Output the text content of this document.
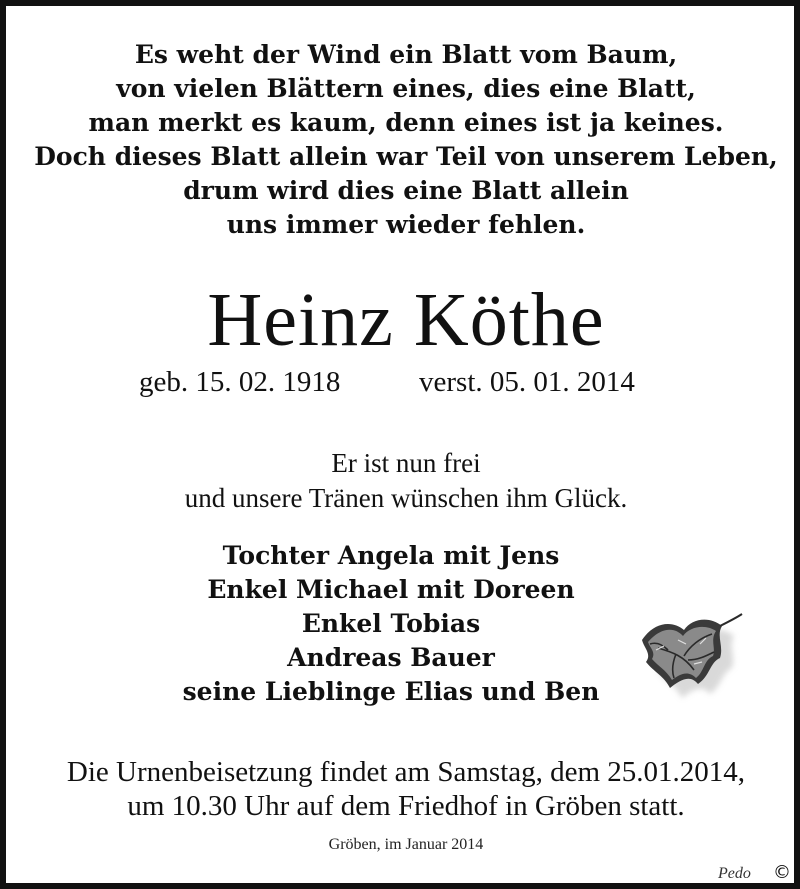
Es weht der Wind ein Blatt vom Baum,
von vielen Blättern eines, dies eine Blatt,
man merkt es kaum, denn eines ist ja keines.
Doch dieses Blatt allein war Teil von unserem Leben,
drum wird dies eine Blatt allein
uns immer wieder fehlen.
Heinz Köthe
geb. 15. 02. 1918	verst. 05. 01. 2014
Er ist nun frei
und unsere Tränen wünschen ihm Glück.
Tochter Angela mit Jens
Enkel Michael mit Doreen
Enkel Tobias
Andreas Bauer
seine Lieblinge Elias und Ben
Die Urnenbeisetzung findet am Samstag, dem 25.01.2014,
um 10.30 Uhr auf dem Friedhof in Gröben statt.
Gröben, im Januar 2014
Pedo ©
